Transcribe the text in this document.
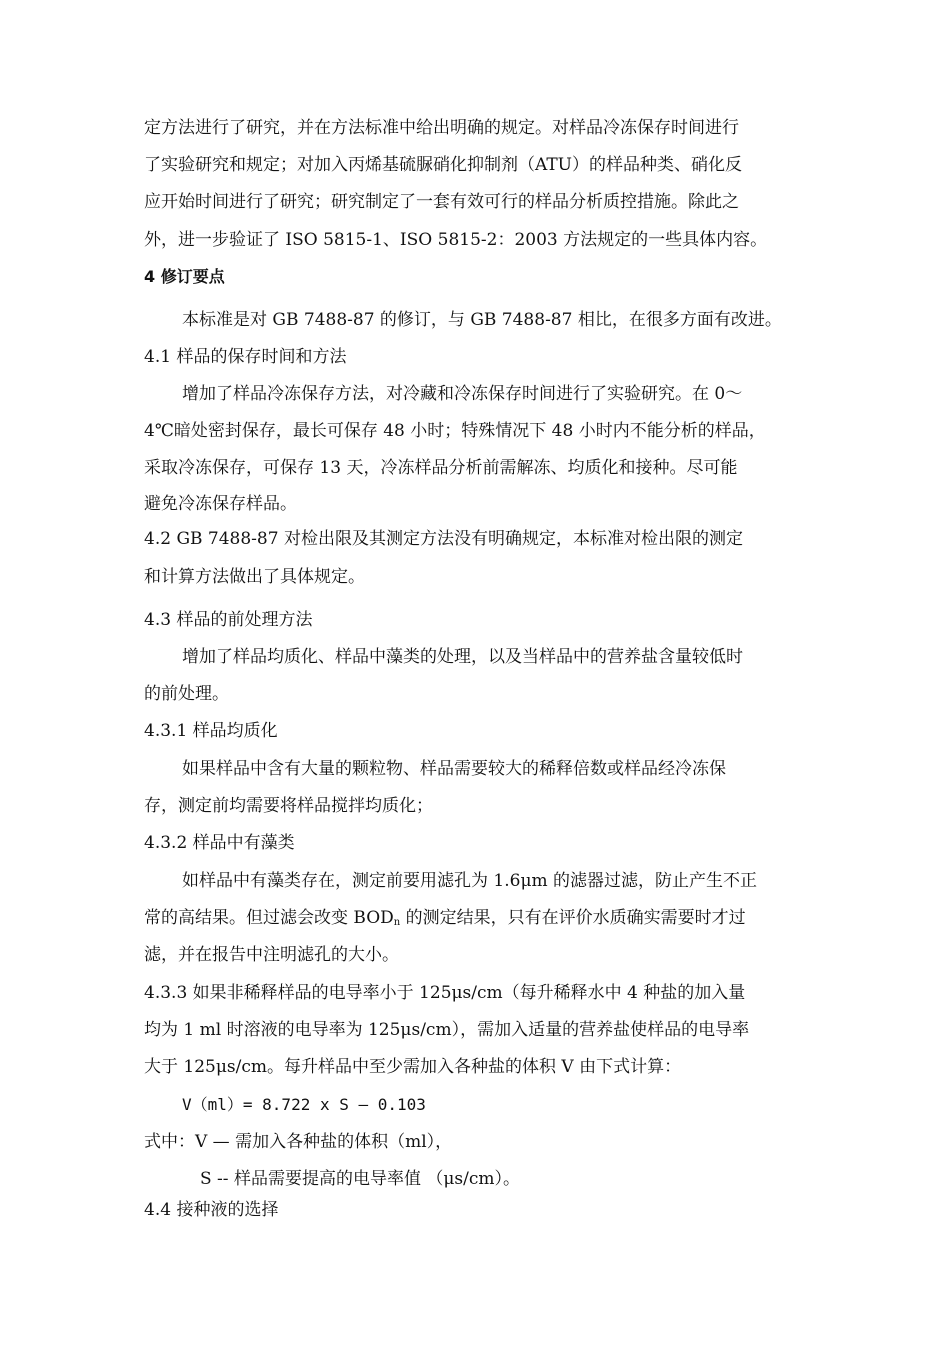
定方法进行了研究，并在方法标准中给出明确的规定。对样品冷冻保存时间进行
了实验研究和规定；对加入丙烯基硫脲硝化抑制剂（ATU）的样品种类、硝化反
应开始时间进行了研究；研究制定了一套有效可行的样品分析质控措施。除此之
外，进一步验证了 ISO 5815-1、ISO 5815-2：2003 方法规定的一些具体内容。
4 修订要点
本标准是对 GB 7488-87 的修订，与 GB 7488-87 相比，在很多方面有改进。
4.1 样品的保存时间和方法
增加了样品冷冻保存方法，对冷藏和冷冻保存时间进行了实验研究。在 0～
4℃暗处密封保存，最长可保存 48 小时；特殊情况下 48 小时内不能分析的样品，
采取冷冻保存，可保存 13 天，冷冻样品分析前需解冻、均质化和接种。尽可能
避免冷冻保存样品。
4.2 GB 7488-87 对检出限及其测定方法没有明确规定，本标准对检出限的测定
和计算方法做出了具体规定。
4.3 样品的前处理方法
增加了样品均质化、样品中藻类的处理，以及当样品中的营养盐含量较低时
的前处理。
4.3.1 样品均质化
如果样品中含有大量的颗粒物、样品需要较大的稀释倍数或样品经冷冻保
存，测定前均需要将样品搅拌均质化；
4.3.2 样品中有藻类
如样品中有藻类存在，测定前要用滤孔为 1.6μm 的滤器过滤，防止产生不正
常的高结果。但过滤会改变 $BOD_n$ 的测定结果，只有在评价水质确实需要时才过
滤，并在报告中注明滤孔的大小。
4.3.3 如果非稀释样品的电导率小于 125μs/cm（每升稀释水中 4 种盐的加入量
均为 1 ml 时溶液的电导率为 125μs/cm），需加入适量的营养盐使样品的电导率
大于 125μs/cm。每升样品中至少需加入各种盐的体积 V 由下式计算：
V（ml）= 8.722 x S – 0.103
式中：V — 需加入各种盐的体积（ml），
S -- 样品需要提高的电导率值 （μs/cm）。
4.4 接种液的选择
